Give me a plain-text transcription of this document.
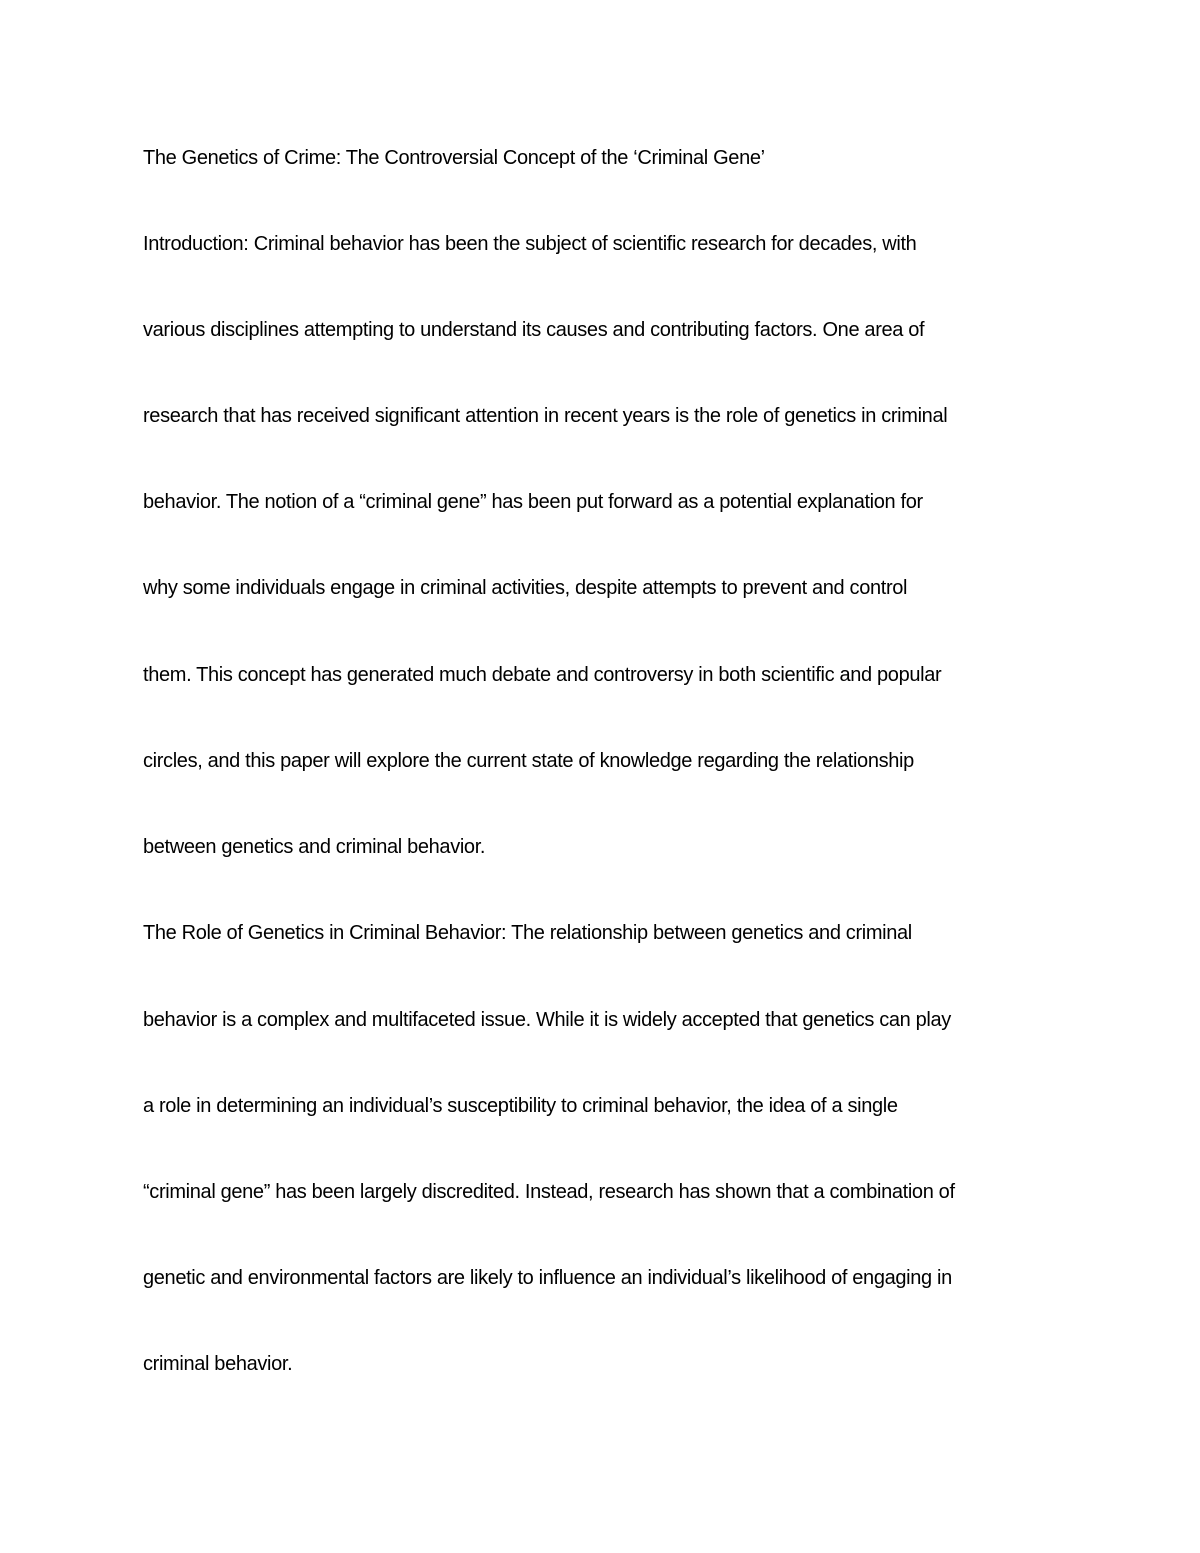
The Genetics of Crime: The Controversial Concept of the ‘Criminal Gene’
Introduction: Criminal behavior has been the subject of scientific research for decades, with
various disciplines attempting to understand its causes and contributing factors. One area of
research that has received significant attention in recent years is the role of genetics in criminal
behavior. The notion of a “criminal gene” has been put forward as a potential explanation for
why some individuals engage in criminal activities, despite attempts to prevent and control
them. This concept has generated much debate and controversy in both scientific and popular
circles, and this paper will explore the current state of knowledge regarding the relationship
between genetics and criminal behavior.
The Role of Genetics in Criminal Behavior: The relationship between genetics and criminal
behavior is a complex and multifaceted issue. While it is widely accepted that genetics can play
a role in determining an individual’s susceptibility to criminal behavior, the idea of a single
“criminal gene” has been largely discredited. Instead, research has shown that a combination of
genetic and environmental factors are likely to influence an individual’s likelihood of engaging in
criminal behavior.
